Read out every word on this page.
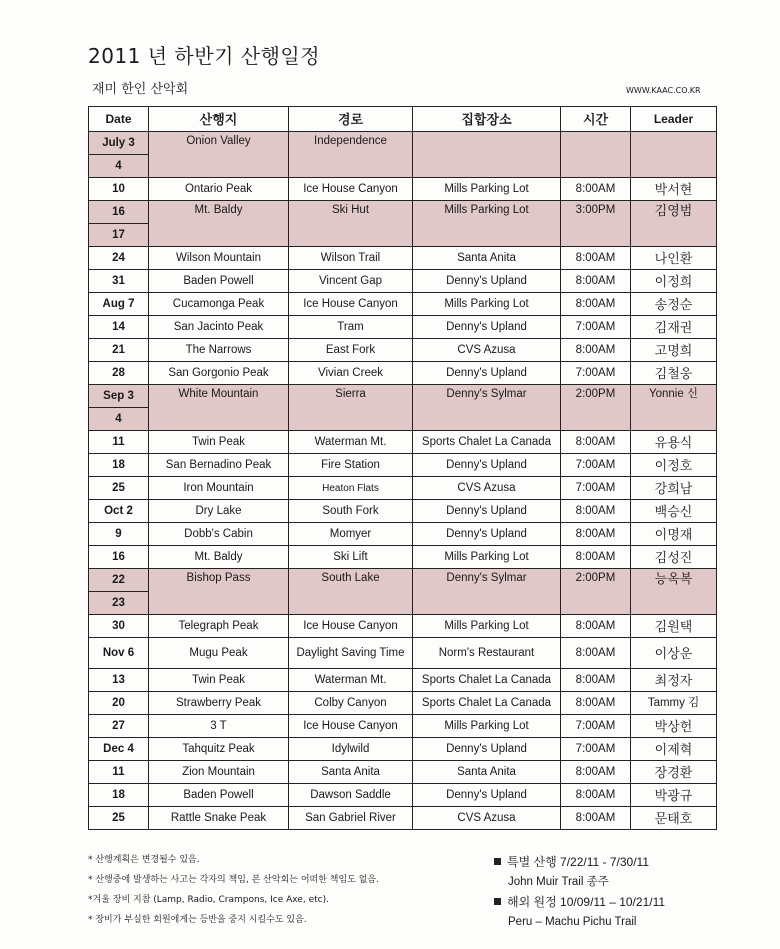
2011 년 하반기 산행일정
재미 한인 산악회	WWW.KAAC.CO.KR
Date	산행지	경로	집합장소	시간	Leader
July 3	Onion Valley	Independence			
4					
10	Ontario Peak	Ice House Canyon	Mills Parking Lot	8:00AM	박서현
16	Mt. Baldy	Ski Hut	Mills Parking Lot	3:00PM	김영범
17					
24	Wilson Mountain	Wilson Trail	Santa Anita	8:00AM	나인환
31	Baden Powell	Vincent Gap	Denny's Upland	8:00AM	이정희
Aug 7	Cucamonga Peak	Ice House Canyon	Mills Parking Lot	8:00AM	송정순
14	San Jacinto Peak	Tram	Denny's Upland	7:00AM	김재권
21	The Narrows	East Fork	CVS Azusa	8:00AM	고명희
28	San Gorgonio Peak	Vivian Creek	Denny's Upland	7:00AM	김철웅
Sep 3	White Mountain	Sierra	Denny's Sylmar	2:00PM	Yonnie 신
4					
11	Twin Peak	Waterman Mt.	Sports Chalet La Canada	8:00AM	유용식
18	San Bernadino Peak	Fire Station	Denny's Upland	7:00AM	이정호
25	Iron Mountain	Heaton Flats	CVS Azusa	7:00AM	강희남
Oct 2	Dry Lake	South Fork	Denny's Upland	8:00AM	백승신
9	Dobb's Cabin	Momyer	Denny's Upland	8:00AM	이명재
16	Mt. Baldy	Ski Lift	Mills Parking Lot	8:00AM	김성진
22	Bishop Pass	South Lake	Denny's Sylmar	2:00PM	능옥복
23					
30	Telegraph Peak	Ice House Canyon	Mills Parking Lot	8:00AM	김원택
Nov 6	Mugu Peak	Daylight Saving Time	Norm's Restaurant	8:00AM	이상운
13	Twin Peak	Waterman Mt.	Sports Chalet La Canada	8:00AM	최정자
20	Strawberry Peak	Colby Canyon	Sports Chalet La Canada	8:00AM	Tammy 김
27	3 T	Ice House Canyon	Mills Parking Lot	7:00AM	박상헌
Dec 4	Tahquitz Peak	Idylwild	Denny's Upland	7:00AM	이제혁
11	Zion Mountain	Santa Anita	Santa Anita	8:00AM	장경환
18	Baden Powell	Dawson Saddle	Denny's Upland	8:00AM	박광규
25	Rattle Snake Peak	San Gabriel River	CVS Azusa	8:00AM	문태호
* 산행계획은 변경될수 있음.
* 산행중에 발생하는 사고는 각자의 책임, 본 산악회는 어떠한 책임도 없음.
*겨울 장비 지참 (Lamp, Radio, Crampons, Ice Axe, etc).
* 장비가 부실한 회원에게는 등반을 중지 시킬수도 있음.
특별 산행 7/22/11 - 7/30/11
John Muir Trail 종주
해외 원정 10/09/11 – 10/21/11
Peru – Machu Pichu Trail
